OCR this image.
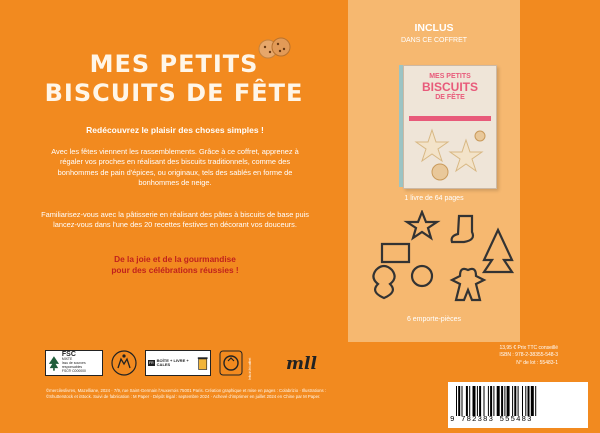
MES PETITS
BISCUITS DE FÊTE
Redécouvrez le plaisir des choses simples !
Avec les fêtes viennent les rassemblements. Grâce à ce coffret, apprenez à régaler vos proches en réalisant des biscuits traditionnels, comme des bonhommes de pain d'épices, ou originaux, tels des sablés en forme de bonhommes de neige.
Familiarisez-vous avec la pâtisserie en réalisant des pâtes à biscuits de base puis lancez-vous dans l'une des 20 recettes festives en décorant vos douceurs.
De la joie et de la gourmandise
pour des célébrations réussies !
FSC
MIXTE
Issu de sources responsables
FSC® C000000
FR
BOÎTE + LIVRE + CALES	Info-tri.fr/coffret mll
©mercileslivres, Mazelliane, 2024 · 7/9, rue Saint-Germain l'Auxerrois 75001 Paris. Création graphique et mise en pages : Colabrizio · Illustrations : ©Shutterstock et iStock. Suivi de fabrication : M Paper · Dépôt légal : septembre 2024 · Achevé d'imprimer en juillet 2024 en Chine par M Paper.
INCLUS
DANS CE COFFRET
MES PETITS
BISCUITS
DE FÊTE
1 livre de 64 pages
6 emporte-pièces
13,95 € Prix TTC conseillé
ISBN : 978-2-38355-548-3
N° de lot : 55483-1
9 782383 555483
